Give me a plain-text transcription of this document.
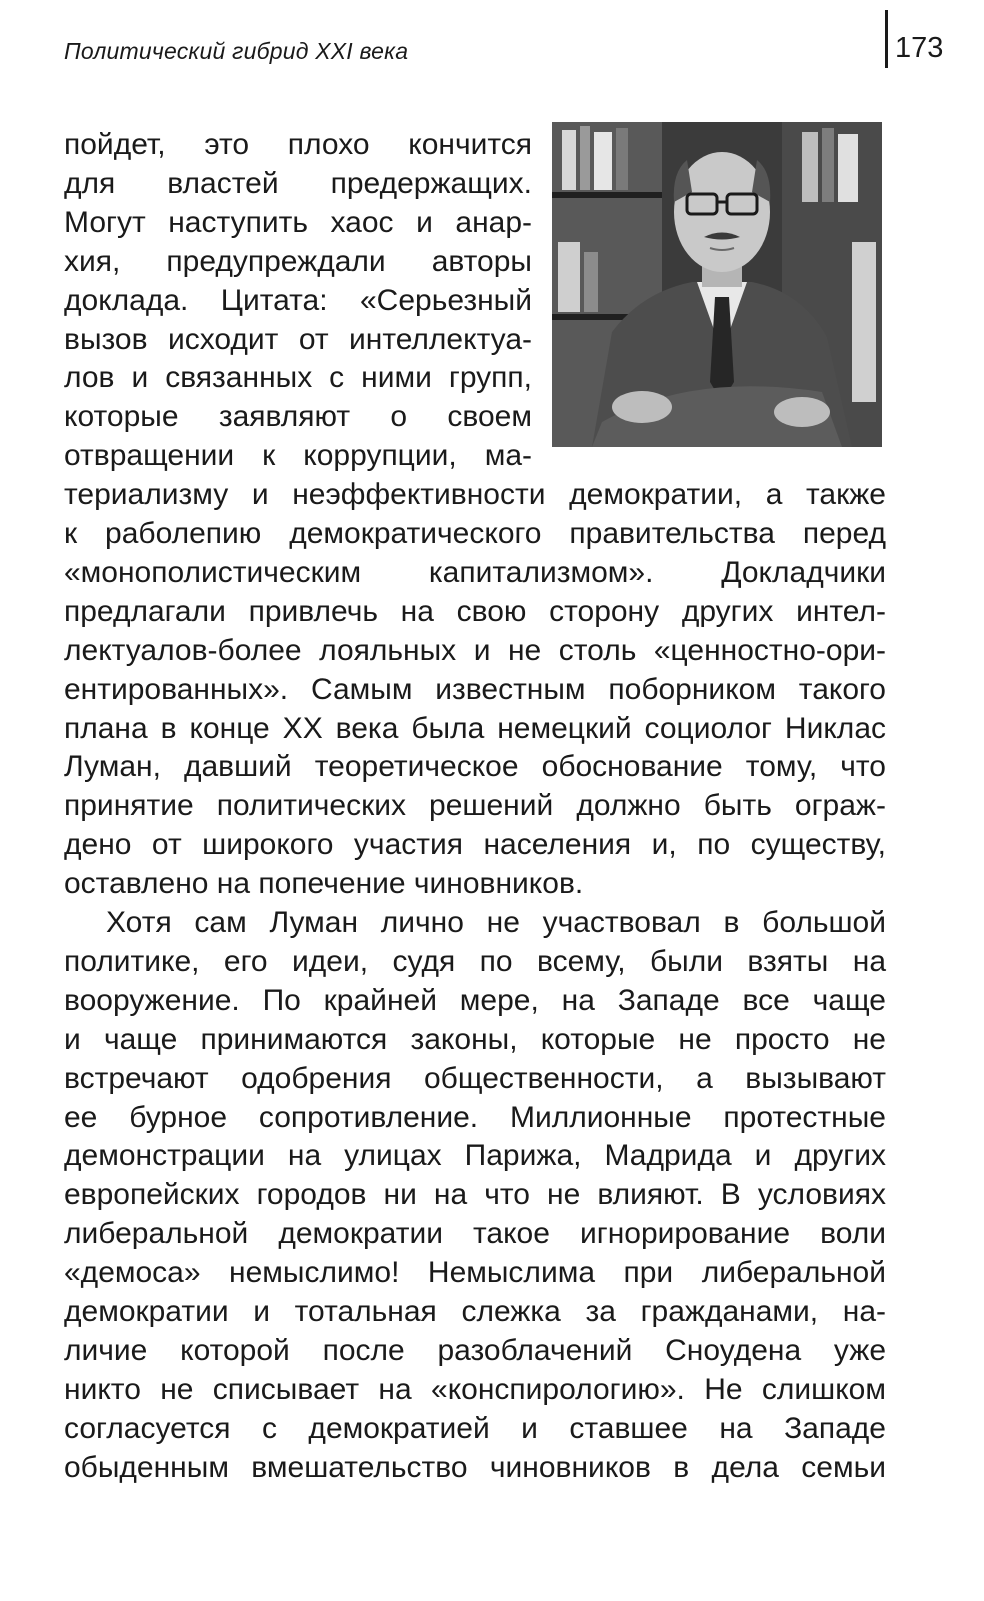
Политический гибрид XXI века	173
пойдет, это плохо кончится
для властей предержащих.
Могут наступить хаос и анар-
хия, предупреждали авторы
доклада. Цитата: «Серьезный
вызов исходит от интеллектуа-
лов и связанных с ними групп,
которые заявляют о своем
отвращении к коррупции, ма-
териализму и неэффективности демократии, а также
к раболепию демократического правительства перед
«монополистическим капитализмом». Докладчики
предлагали привлечь на свою сторону других интел-
лектуалов-более лояльных и не столь «ценностно-ори-
ентированных». Самым известным поборником такого
плана в конце XX века была немецкий социолог Никлас
Луман, давший теоретическое обоснование тому, что
принятие политических решений должно быть ограж-
дено от широкого участия населения и, по существу,
оставлено на попечение чиновников.
Хотя сам Луман лично не участвовал в большой
политике, его идеи, судя по всему, были взяты на
вооружение. По крайней мере, на Западе все чаще
и чаще принимаются законы, которые не просто не
встречают одобрения общественности, а вызывают
ее бурное сопротивление. Миллионные протестные
демонстрации на улицах Парижа, Мадрида и других
европейских городов ни на что не влияют. В условиях
либеральной демократии такое игнорирование воли
«демоса» немыслимо! Немыслима при либеральной
демократии и тотальная слежка за гражданами, на-
личие которой после разоблачений Сноудена уже
никто не списывает на «конспирологию». Не слишком
согласуется с демократией и ставшее на Западе
обыденным вмешательство чиновников в дела семьи
